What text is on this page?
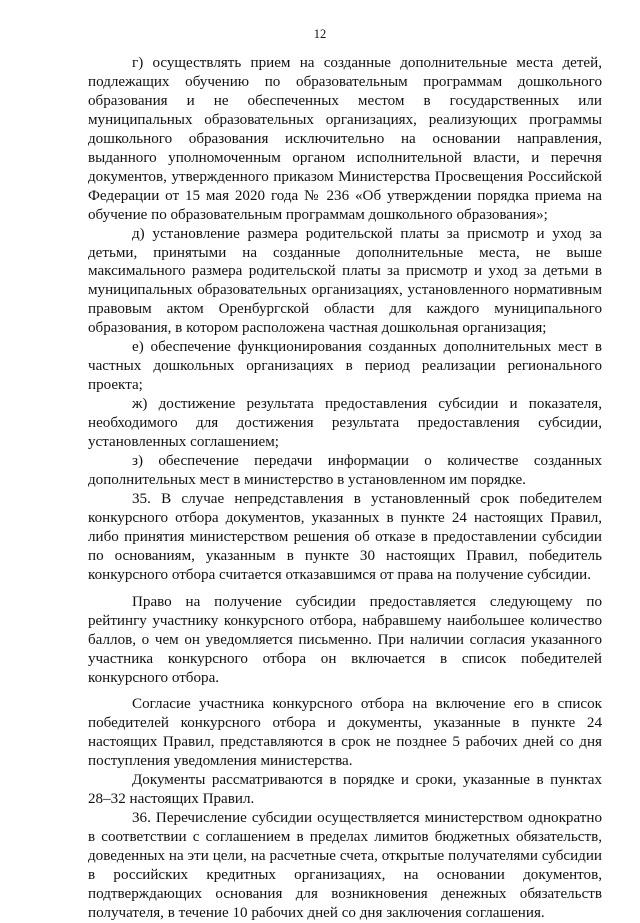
12

г) осуществлять прием на созданные дополнительные места детей, подлежащих обучению по образовательным программам дошкольного образования и не обеспеченных местом в государственных или муниципальных образовательных организациях, реализующих программы дошкольного образования исключительно на основании направления, выданного уполномоченным органом исполнительной власти, и перечня документов, утвержденного приказом Министерства Просвещения Российской Федерации от 15 мая 2020 года № 236 «Об утверждении порядка приема на обучение по образовательным программам дошкольного образования»;

д) установление размера родительской платы за присмотр и уход за детьми, принятыми на созданные дополнительные места, не выше максимального размера родительской платы за присмотр и уход за детьми в муниципальных образовательных организациях, установленного нормативным правовым актом Оренбургской области для каждого муниципального образования, в котором расположена частная дошкольная организация;

е) обеспечение функционирования созданных дополнительных мест в частных дошкольных организациях в период реализации регионального проекта;

ж) достижение результата предоставления субсидии и показателя, необходимого для достижения результата предоставления субсидии, установленных соглашением;

з) обеспечение передачи информации о количестве созданных дополнительных мест в министерство в установленном им порядке.

35. В случае непредставления в установленный срок победителем конкурсного отбора документов, указанных в пункте 24 настоящих Правил, либо принятия министерством решения об отказе в предоставлении субсидии по основаниям, указанным в пункте 30 настоящих Правил, победитель конкурсного отбора считается отказавшимся от права на получение субсидии.

Право на получение субсидии предоставляется следующему по рейтингу участнику конкурсного отбора, набравшему наибольшее количество баллов, о чем он уведомляется письменно. При наличии согласия указанного участника конкурсного отбора он включается в список победителей конкурсного отбора.

Согласие участника конкурсного отбора на включение его в список победителей конкурсного отбора и документы, указанные в пункте 24 настоящих Правил, представляются в срок не позднее 5 рабочих дней со дня поступления уведомления министерства.

Документы рассматриваются в порядке и сроки, указанные в пунктах 28–32 настоящих Правил.

36. Перечисление субсидии осуществляется министерством однократно в соответствии с соглашением в пределах лимитов бюджетных обязательств, доведенных на эти цели, на расчетные счета, открытые получателями субсидии в российских кредитных организациях, на основании документов, подтверждающих основания для возникновения денежных обязательств получателя, в течение 10 рабочих дней со дня заключения соглашения.
